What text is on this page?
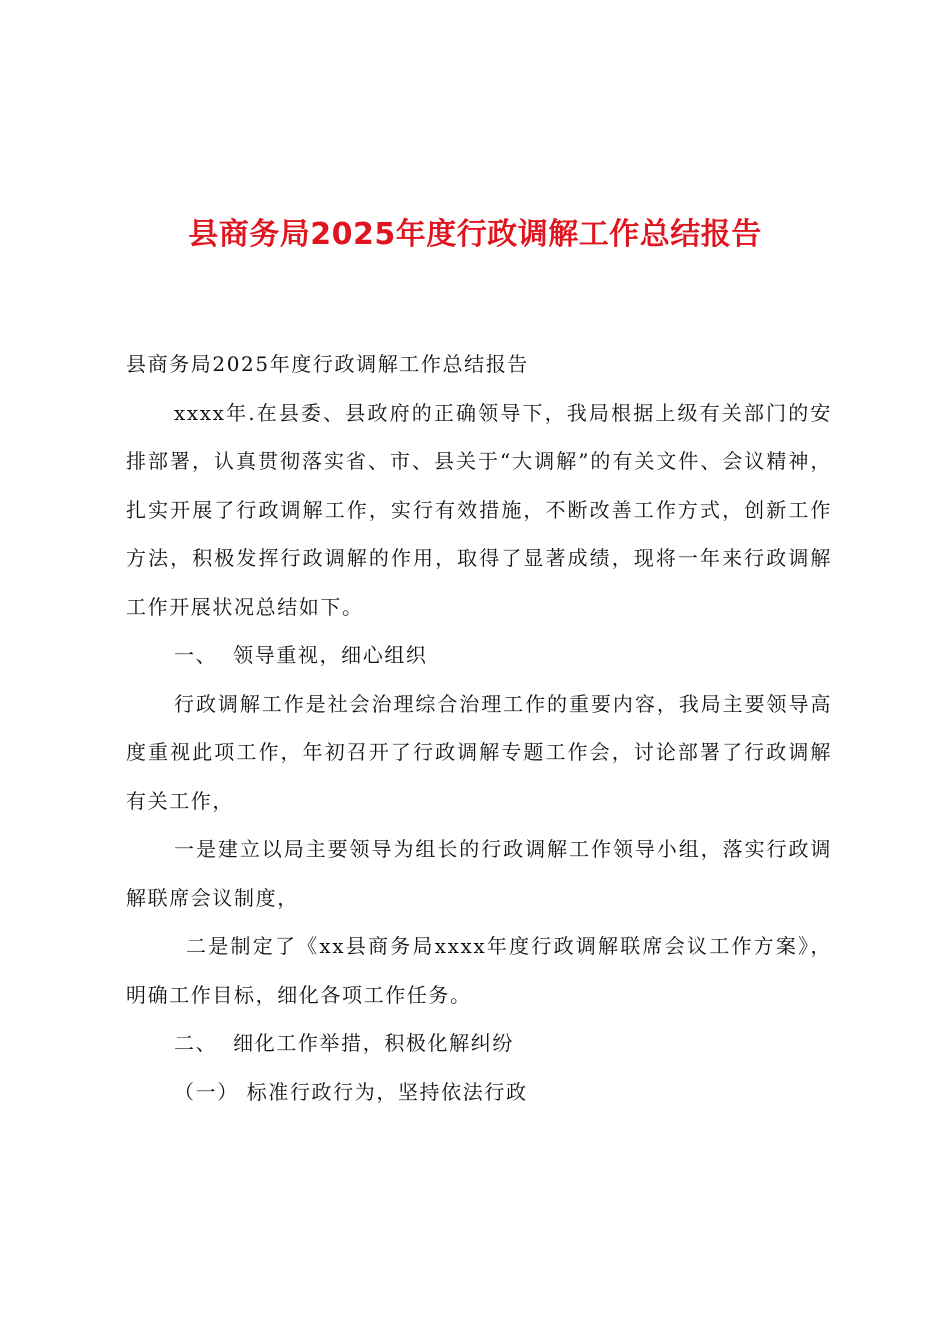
县商务局2025年度行政调解工作总结报告

县商务局2025年度行政调解工作总结报告

xxxx年.在县委、县政府的正确领导下，我局根据上级有关部门的安排部署，认真贯彻落实省、市、县关于“大调解”的有关文件、会议精神，扎实开展了行政调解工作，实行有效措施，不断改善工作方式，创新工作方法，积极发挥行政调解的作用，取得了显著成绩，现将一年来行政调解工作开展状况总结如下。

一、  领导重视，细心组织

行政调解工作是社会治理综合治理工作的重要内容，我局主要领导高度重视此项工作，年初召开了行政调解专题工作会，讨论部署了行政调解有关工作，

一是建立以局主要领导为组长的行政调解工作领导小组，落实行政调解联席会议制度，

二是制定了《xx县商务局xxxx年度行政调解联席会议工作方案》，明确工作目标，细化各项工作任务。

二、  细化工作举措，积极化解纠纷

（一） 标准行政行为，坚持依法行政
